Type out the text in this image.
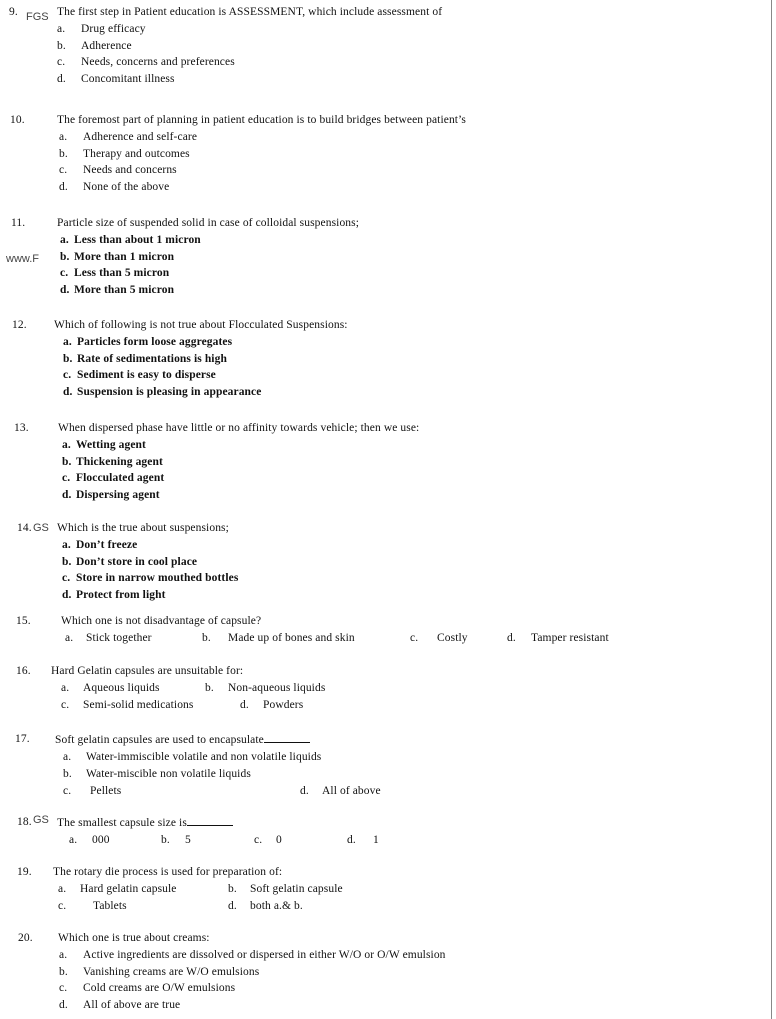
FGS
www.F
GS
GS
9.	The first step in Patient education is ASSESSMENT, which include assessment of
a. Drug efficacy
b. Adherence
c. Needs, concerns and preferences
d. Concomitant illness
10.	The foremost part of planning in patient education is to build bridges between patient’s
a. Adherence and self-care
b. Therapy and outcomes
c. Needs and concerns
d. None of the above
11.	Particle size of suspended solid in case of colloidal suspensions;
a. Less than about 1 micron
b. More than 1 micron
c. Less than 5 micron
d. More than 5 micron
12. Which of following is not true about Flocculated Suspensions:
a. Particles form loose aggregates
b. Rate of sedimentations is high
c. Sediment is easy to disperse
d. Suspension is pleasing in appearance
13.	When dispersed phase have little or no affinity towards vehicle; then we use:
a. Wetting agent
b. Thickening agent
c. Flocculated agent
d. Dispersing agent
14. Which is the true about suspensions;
a. Don’t freeze
b. Don’t store in cool place
c. Store in narrow mouthed bottles
d. Protect from light
15.	Which one is not disadvantage of capsule?
a. Stick together	b. Made up of bones and skin	c. Costly	d. Tamper resistant
16. Hard Gelatin capsules are unsuitable for:
a. Aqueous liquids	b. Non-aqueous liquids
c. Semi-solid medications	d. Powders
17. Soft gelatin capsules are used to encapsulate
a. Water-immiscible volatile and non volatile liquids
b. Water-miscible non volatile liquids
c. Pellets	d. All of above
18. The smallest capsule size is
a. 000	b. 5	c. 0	d. 1
19. The rotary die process is used for preparation of:
a. Hard gelatin capsule	b. Soft gelatin capsule
c. Tablets	d. both a.& b.
20. Which one is true about creams:
a. Active ingredients are dissolved or dispersed in either W/O or O/W emulsion
b. Vanishing creams are W/O emulsions
c. Cold creams are O/W emulsions
d. All of above are true
